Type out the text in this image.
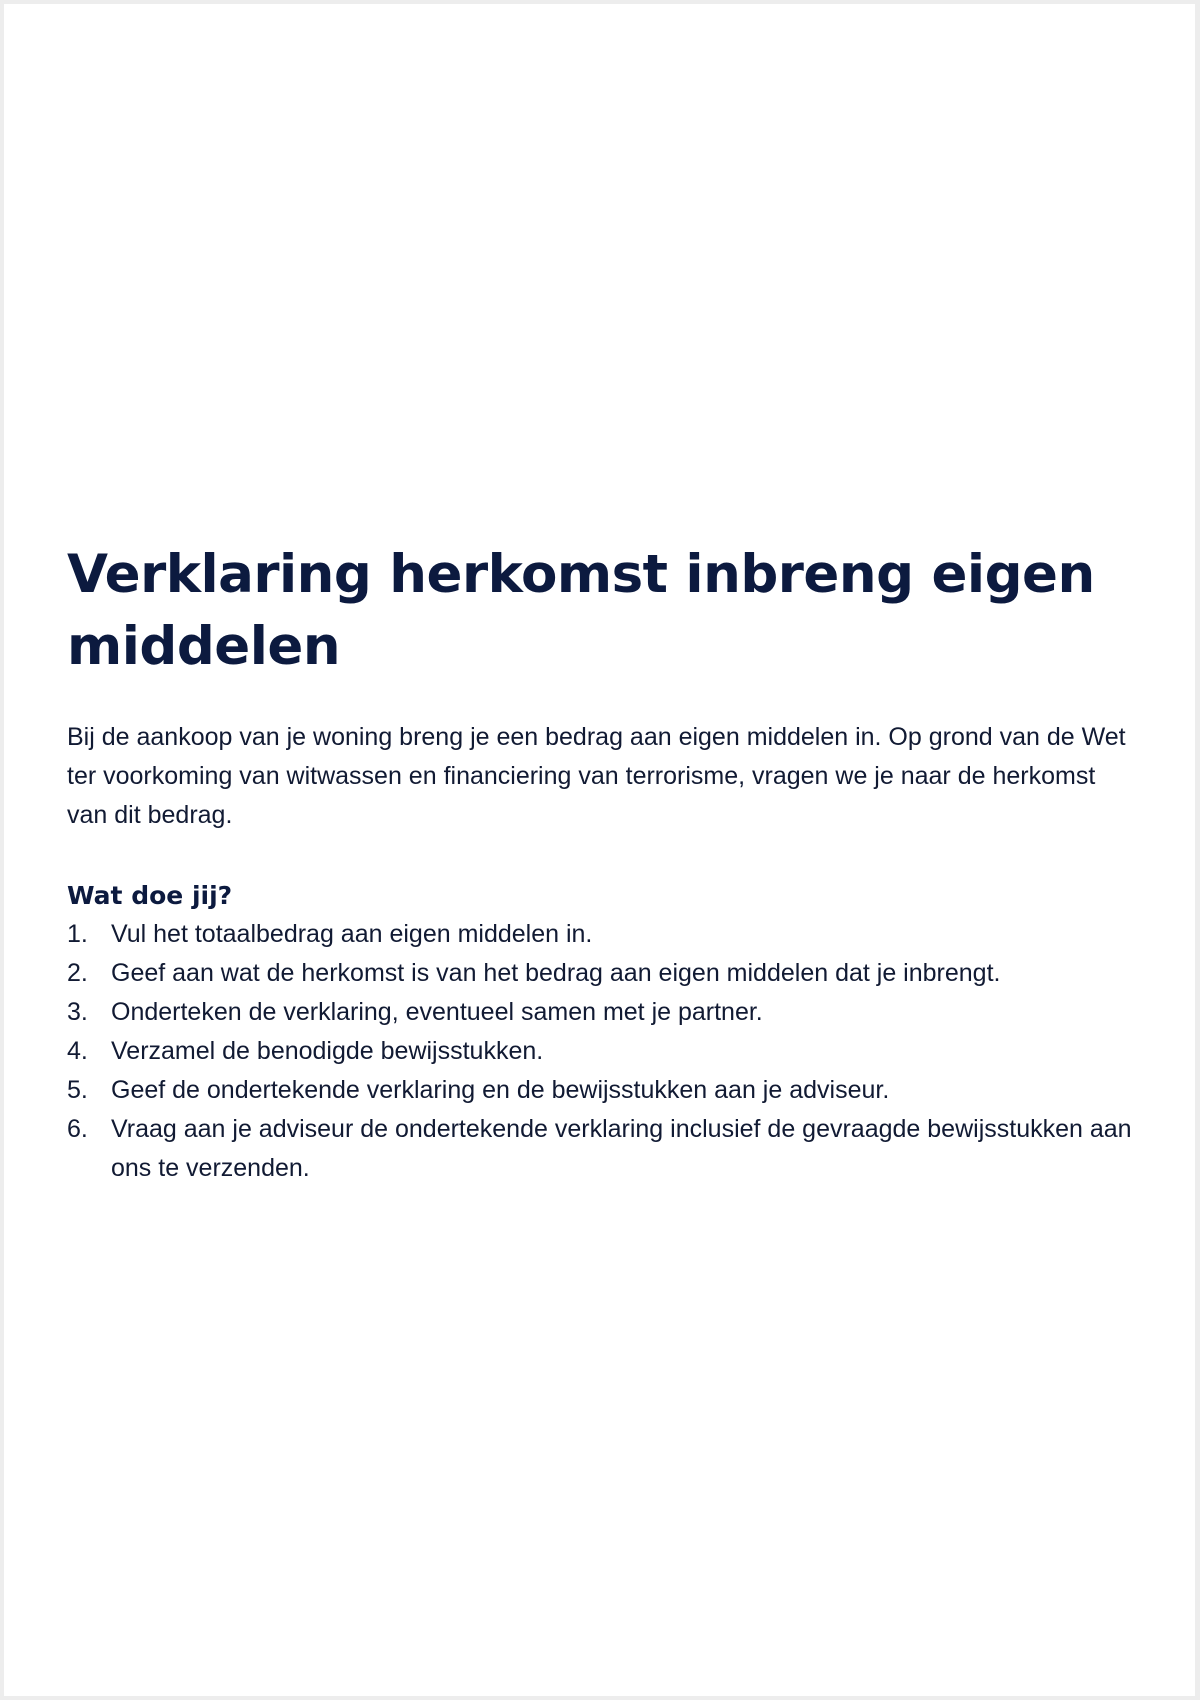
Verklaring herkomst inbreng eigen middelen

Bij de aankoop van je woning breng je een bedrag aan eigen middelen in. Op grond van de Wet ter voorkoming van witwassen en financiering van terrorisme, vragen we je naar de herkomst van dit bedrag.

Wat doe jij?
1. Vul het totaalbedrag aan eigen middelen in.
2. Geef aan wat de herkomst is van het bedrag aan eigen middelen dat je inbrengt.
3. Onderteken de verklaring, eventueel samen met je partner.
4. Verzamel de benodigde bewijsstukken.
5. Geef de ondertekende verklaring en de bewijsstukken aan je adviseur.
6. Vraag aan je adviseur de ondertekende verklaring inclusief de gevraagde bewijsstukken aan ons te verzenden.
